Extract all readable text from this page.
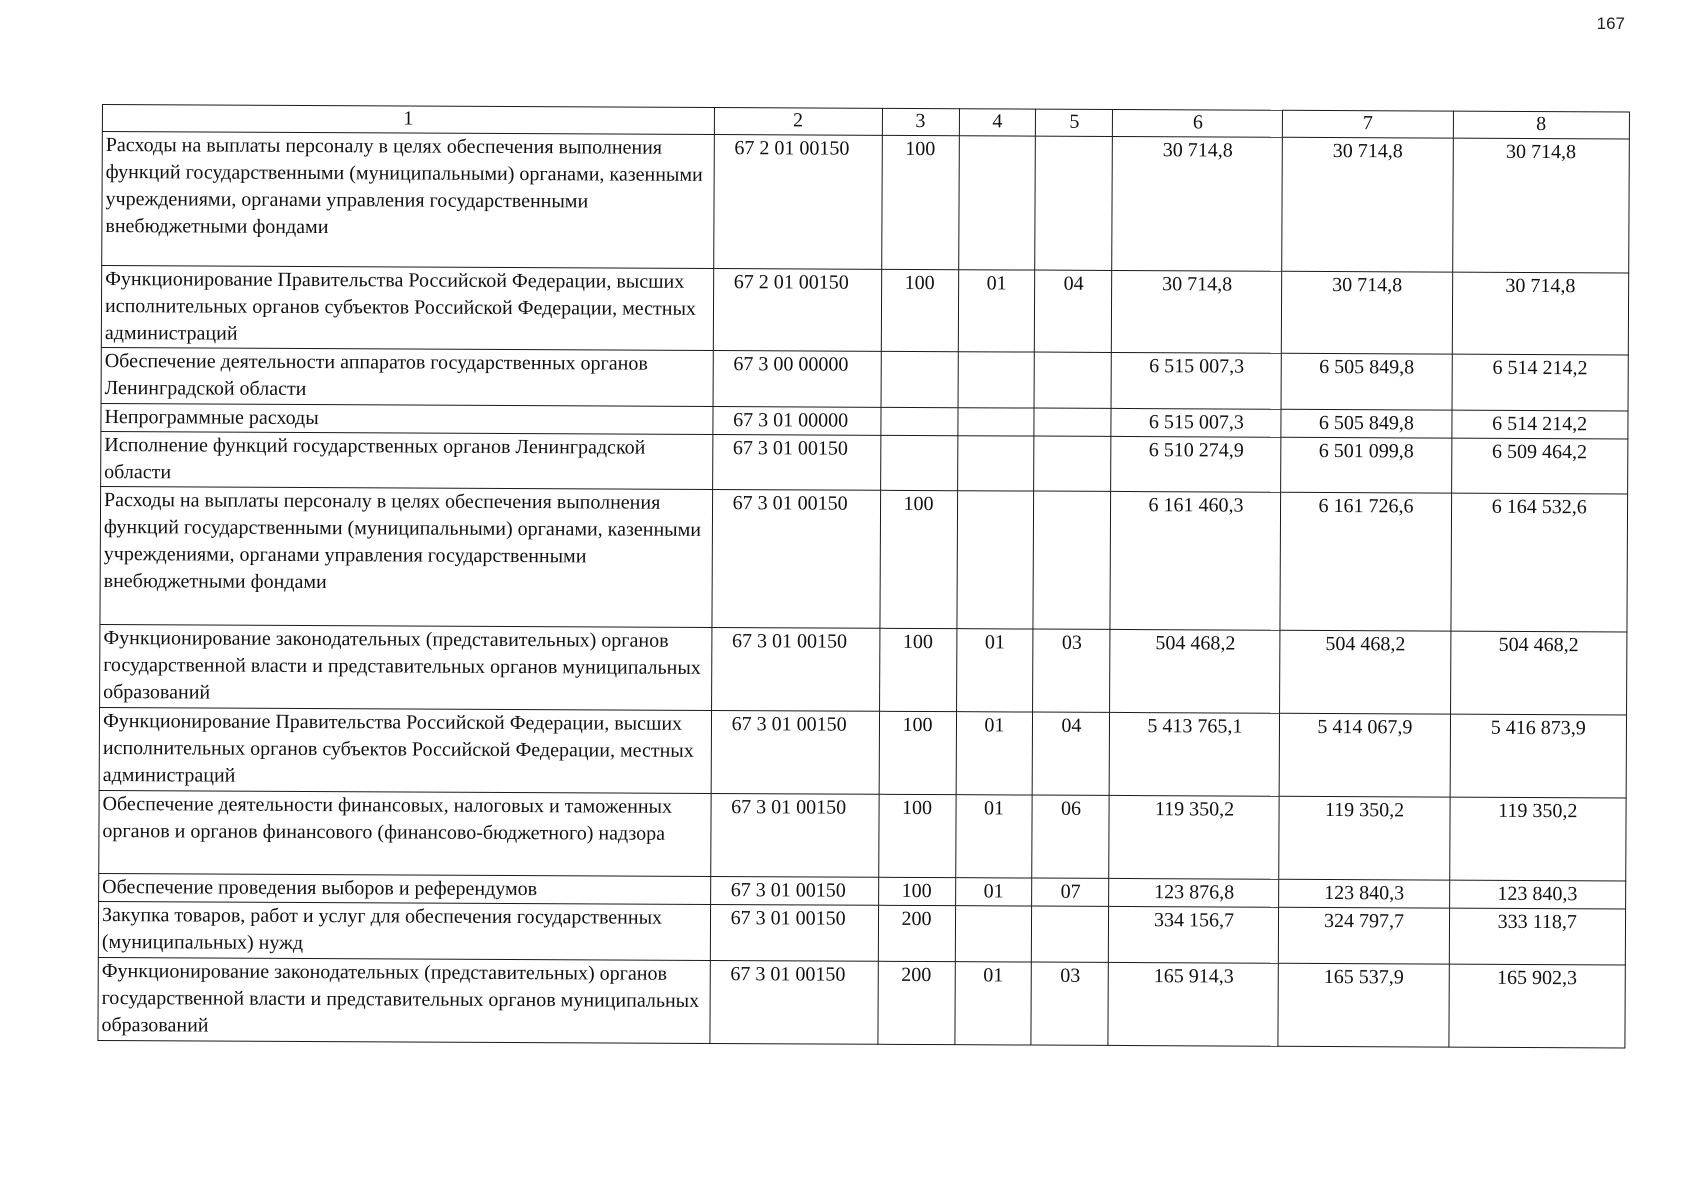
167
1	2	3	4	5	6	7	8
Расходы на выплаты персоналу в целях обеспечения выполнения функций государственными (муниципальными) органами, казенными учреждениями, органами управления государственными внебюджетными фондами	67 2 01 00150	100			30 714,8	30 714,8	30 714,8
Функционирование Правительства Российской Федерации, высших исполнительных органов субъектов Российской Федерации, местных администраций	67 2 01 00150	100	01	04	30 714,8	30 714,8	30 714,8
Обеспечение деятельности аппаратов государственных органов Ленинградской области	67 3 00 00000				6 515 007,3	6 505 849,8	6 514 214,2
Непрограммные расходы	67 3 01 00000				6 515 007,3	6 505 849,8	6 514 214,2
Исполнение функций государственных органов Ленинградской области	67 3 01 00150				6 510 274,9	6 501 099,8	6 509 464,2
Расходы на выплаты персоналу в целях обеспечения выполнения функций государственными (муниципальными) органами, казенными учреждениями, органами управления государственными внебюджетными фондами	67 3 01 00150	100			6 161 460,3	6 161 726,6	6 164 532,6
Функционирование законодательных (представительных) органов государственной власти и представительных органов муниципальных образований	67 3 01 00150	100	01	03	504 468,2	504 468,2	504 468,2
Функционирование Правительства Российской Федерации, высших исполнительных органов субъектов Российской Федерации, местных администраций	67 3 01 00150	100	01	04	5 413 765,1	5 414 067,9	5 416 873,9
Обеспечение деятельности финансовых, налоговых и таможенных органов и органов финансового (финансово-бюджетного) надзора	67 3 01 00150	100	01	06	119 350,2	119 350,2	119 350,2
Обеспечение проведения выборов и референдумов	67 3 01 00150	100	01	07	123 876,8	123 840,3	123 840,3
Закупка товаров, работ и услуг для обеспечения государственных (муниципальных) нужд	67 3 01 00150	200			334 156,7	324 797,7	333 118,7
Функционирование законодательных (представительных) органов государственной власти и представительных органов муниципальных образований	67 3 01 00150	200	01	03	165 914,3	165 537,9	165 902,3
